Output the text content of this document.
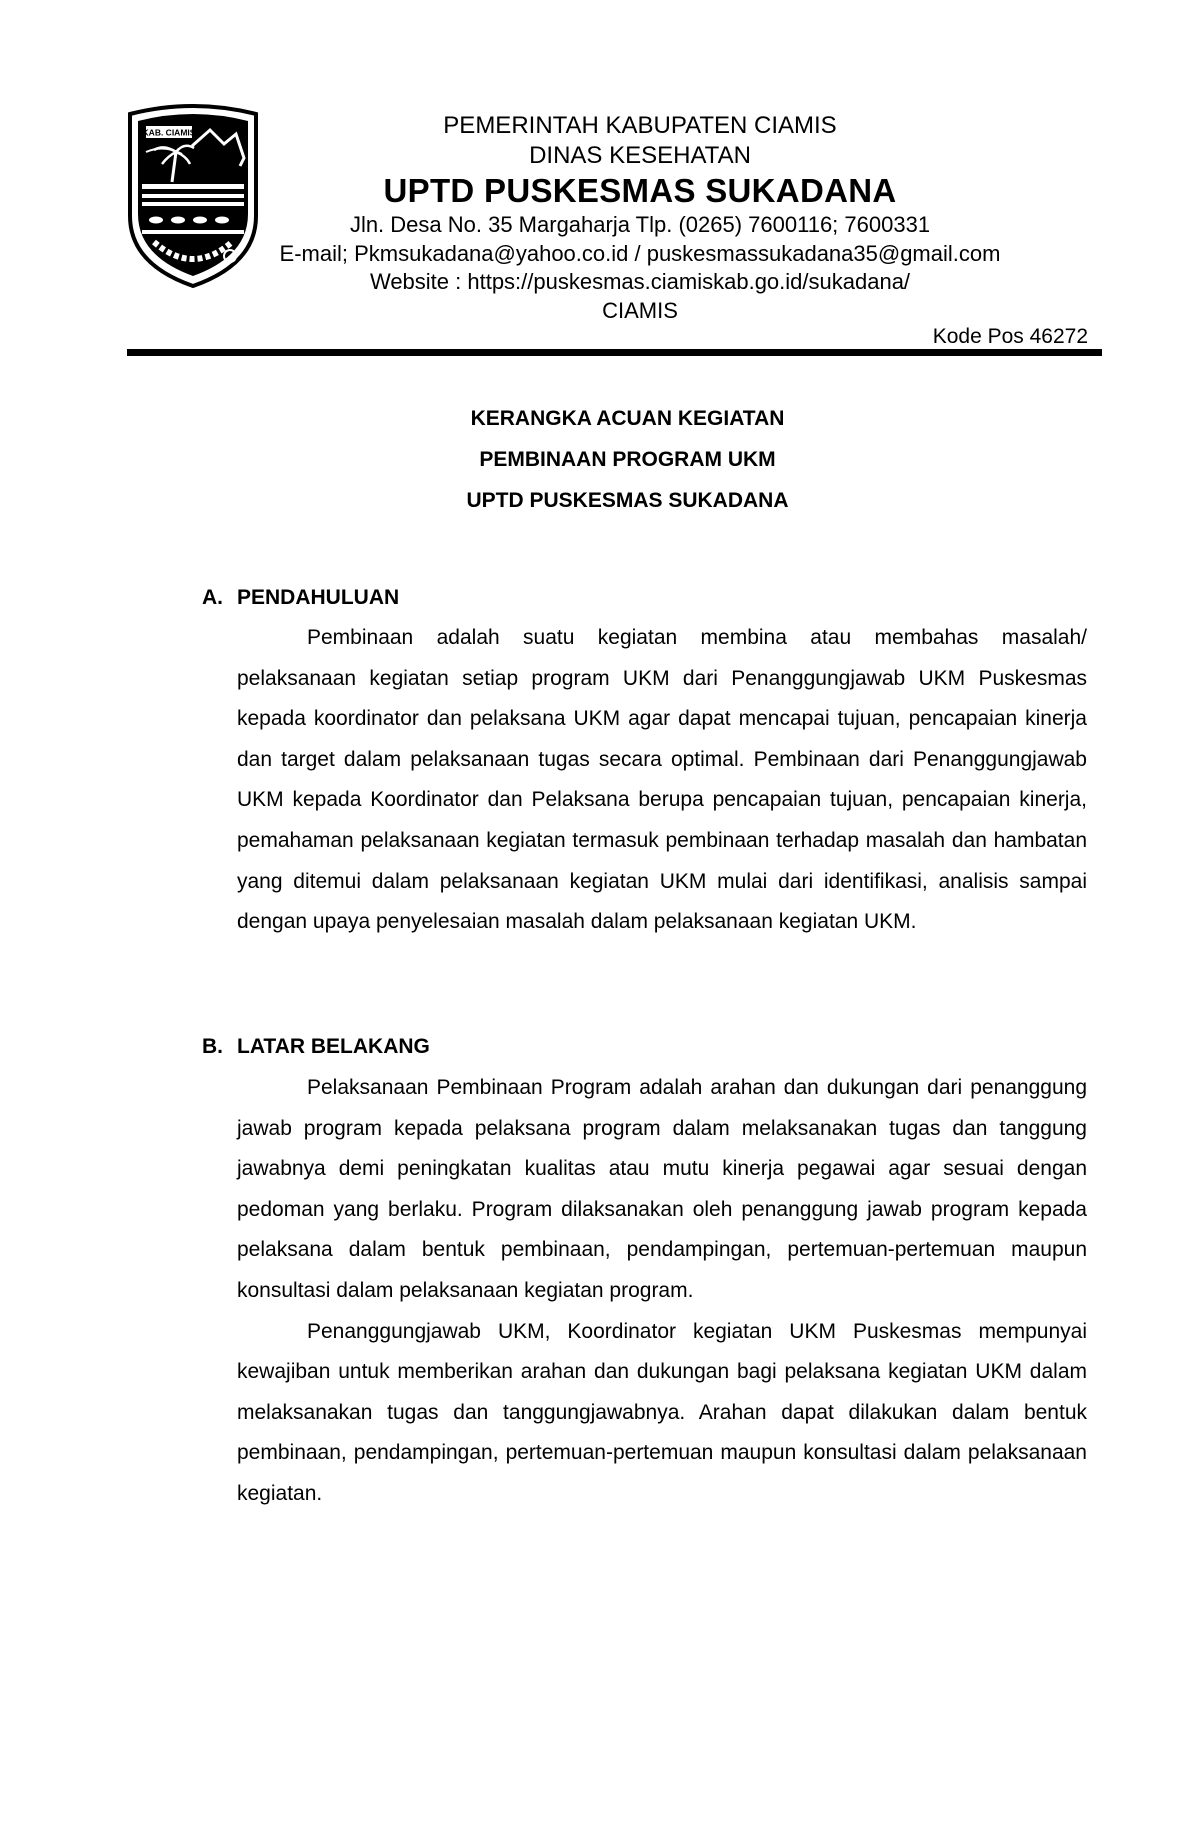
KAB. CIAMIS	PEMERINTAH KABUPATEN CIAMIS
DINAS KESEHATAN
UPTD PUSKESMAS SUKADANA
Jln. Desa No. 35 Margaharja Tlp. (0265) 7600116; 7600331
E-mail; Pkmsukadana@yahoo.co.id / puskesmassukadana35@gmail.com
Website : https://puskesmas.ciamiskab.go.id/sukadana/
CIAMIS
Kode Pos 46272
KERANGKA ACUAN KEGIATAN
PEMBINAAN PROGRAM UKM
UPTD PUSKESMAS SUKADANA
A. PENDAHULUAN

Pembinaan adalah suatu kegiatan membina atau membahas masalah/ pelaksanaan kegiatan setiap program UKM dari Penanggungjawab UKM Puskesmas kepada koordinator dan pelaksana UKM agar dapat mencapai tujuan, pencapaian kinerja dan target dalam pelaksanaan tugas secara optimal. Pembinaan dari Penanggungjawab UKM kepada Koordinator dan Pelaksana berupa pencapaian tujuan, pencapaian kinerja, pemahaman pelaksanaan kegiatan termasuk pembinaan terhadap masalah dan hambatan yang ditemui dalam pelaksanaan kegiatan UKM mulai dari identifikasi, analisis sampai dengan upaya penyelesaian masalah dalam pelaksanaan kegiatan UKM.

B. LATAR BELAKANG

Pelaksanaan Pembinaan Program adalah arahan dan dukungan dari penanggung jawab program kepada pelaksana program dalam melaksanakan tugas dan tanggung jawabnya demi peningkatan kualitas atau mutu kinerja pegawai agar sesuai dengan pedoman yang berlaku. Program dilaksanakan oleh penanggung jawab program kepada pelaksana dalam bentuk pembinaan, pendampingan, pertemuan-pertemuan maupun konsultasi dalam pelaksanaan kegiatan program.

Penanggungjawab UKM, Koordinator kegiatan UKM Puskesmas mempunyai kewajiban untuk memberikan arahan dan dukungan bagi pelaksana kegiatan UKM dalam melaksanakan tugas dan tanggungjawabnya. Arahan dapat dilakukan dalam bentuk pembinaan, pendampingan, pertemuan-pertemuan maupun konsultasi dalam pelaksanaan kegiatan.
